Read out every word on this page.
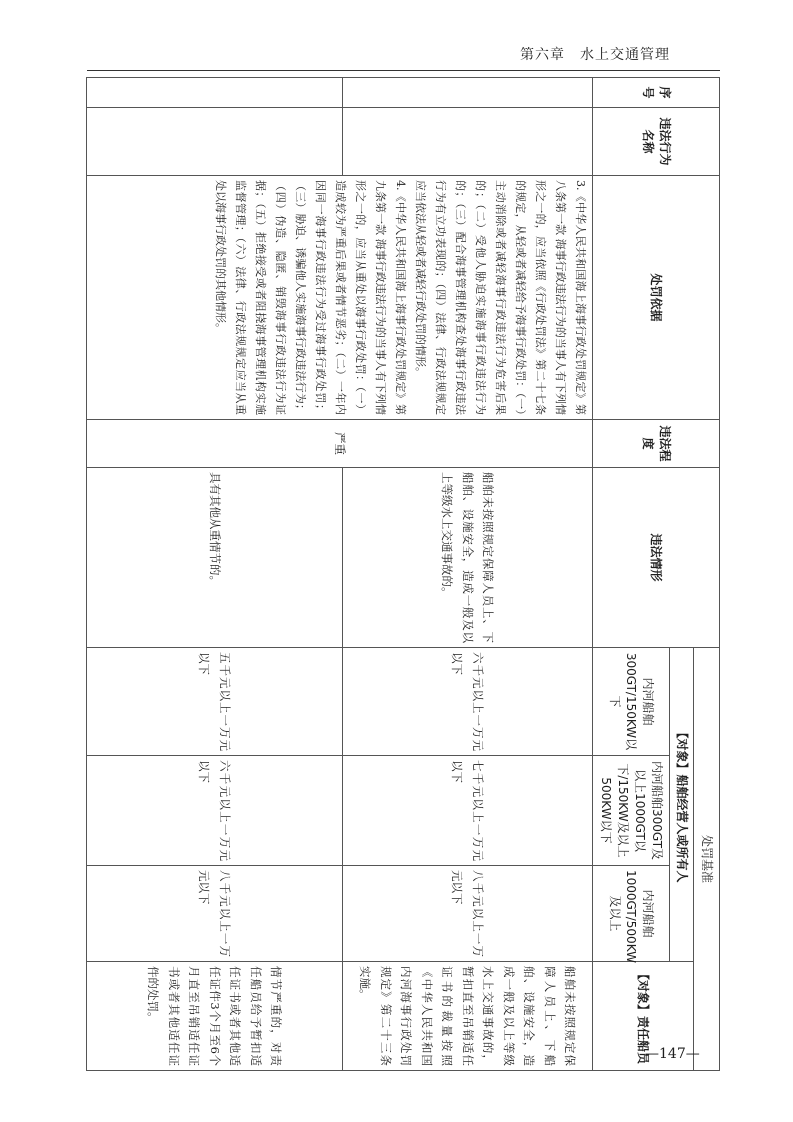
第六章　水上交通管理
序号	违法行为名称	处罚依据	违法程度	违法情形	处罚基准			
					【对象】船舶经营人或所有人			【对象】责任船员
					内河船舶300GT/150KW以下	内河船舶300GT及以上1000GT以下/150KW及以上500KW以下	内河船舶1000GT/500KW及以上	

		3.《中华人民共和国海上海事行政处罚规定》第八条第一款 海事行政违法行为的当事人有下列情形之一的，应当依照《行政处罚法》第二十七条的规定，从轻或者减轻给予海事行政处罚：（一）主动消除或者减轻海事行政违法行为危害后果的；（二）受他人胁迫实施海事行政违法行为的；（三）配合海事管理机构查处海事行政违法行为有立功表现的；（四）法律、行政法规规定应当依法从轻或者减轻行政处罚的情形。
4.《中华人民共和国海上海事行政处罚规定》第九条第一款 海事行政违法行为的当事人有下列情形之一的，应当从重处以海事行政处罚：（一）造成较为严重后果或者情节恶劣；（二）一年内因同一海事行政违法行为受过海事行政处罚；（三）胁迫、诱骗他人实施海事行政违法行为；（四）伪造、隐匿、销毁海事行政违法行为证据；（五）拒绝接受或者阻挠海事管理机构实施监督管理；（六）法律、行政法规规定应当从重处以海事行政处罚的其他情形。	严重	船舶未按照规定保障人员上、下船舶、设施安全，造成一般及以上等级水上交通事故的。	六千元以上一万元以下	七千元以上一万元以下	八千元以上一万元以下	船舶未按照规定保障人员上、下船舶、设施安全，造成一般及以上等级水上交通事故的，暂扣直至吊销适任证书的裁量按照《中华人民共和国内河海事行政处罚规定》第二十三条实施。
				具有其他从重情节的。	五千元以上一万元以下	六千元以上一万元以下	八千元以上一万元以下	情节严重的，对责任船员给予暂扣适任证书或者其他适任证件3个月至6个月直至吊销适任证书或者其他适任证件的处罚。
—147—
